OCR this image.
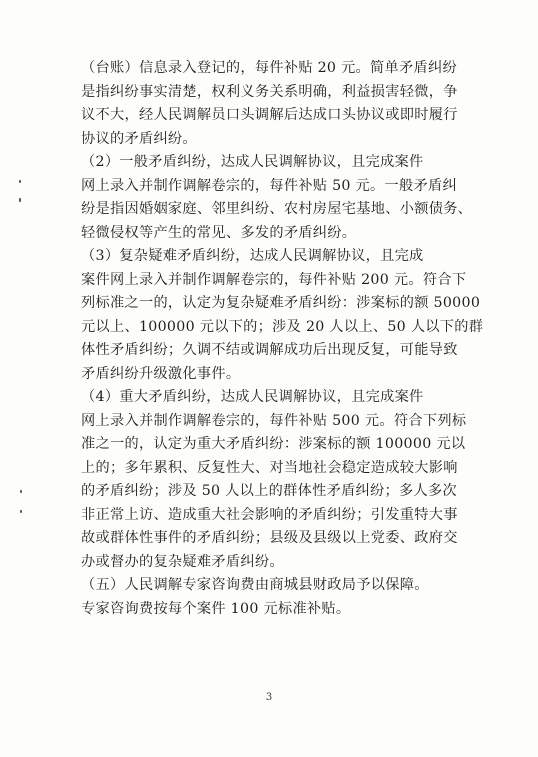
（台账）信息录入登记的，每件补贴 20 元。简单矛盾纠纷
是指纠纷事实清楚，权利义务关系明确，利益损害轻微，争
议不大，经人民调解员口头调解后达成口头协议或即时履行
协议的矛盾纠纷。
（2）一般矛盾纠纷，达成人民调解协议，且完成案件
网上录入并制作调解卷宗的，每件补贴 50 元。一般矛盾纠
纷是指因婚姻家庭、邻里纠纷、农村房屋宅基地、小额债务、
轻微侵权等产生的常见、多发的矛盾纠纷。
（3）复杂疑难矛盾纠纷，达成人民调解协议，且完成
案件网上录入并制作调解卷宗的，每件补贴 200 元。符合下
列标准之一的，认定为复杂疑难矛盾纠纷：涉案标的额 50000
元以上、100000 元以下的；涉及 20 人以上、50 人以下的群
体性矛盾纠纷；久调不结或调解成功后出现反复，可能导致
矛盾纠纷升级激化事件。
（4）重大矛盾纠纷，达成人民调解协议，且完成案件
网上录入并制作调解卷宗的，每件补贴 500 元。符合下列标
准之一的，认定为重大矛盾纠纷：涉案标的额 100000 元以
上的；多年累积、反复性大、对当地社会稳定造成较大影响
的矛盾纠纷；涉及 50 人以上的群体性矛盾纠纷；多人多次
非正常上访、造成重大社会影响的矛盾纠纷；引发重特大事
故或群体性事件的矛盾纠纷；县级及县级以上党委、政府交
办或督办的复杂疑难矛盾纠纷。
（五）人民调解专家咨询费由商城县财政局予以保障。
专家咨询费按每个案件 100 元标准补贴。
3
